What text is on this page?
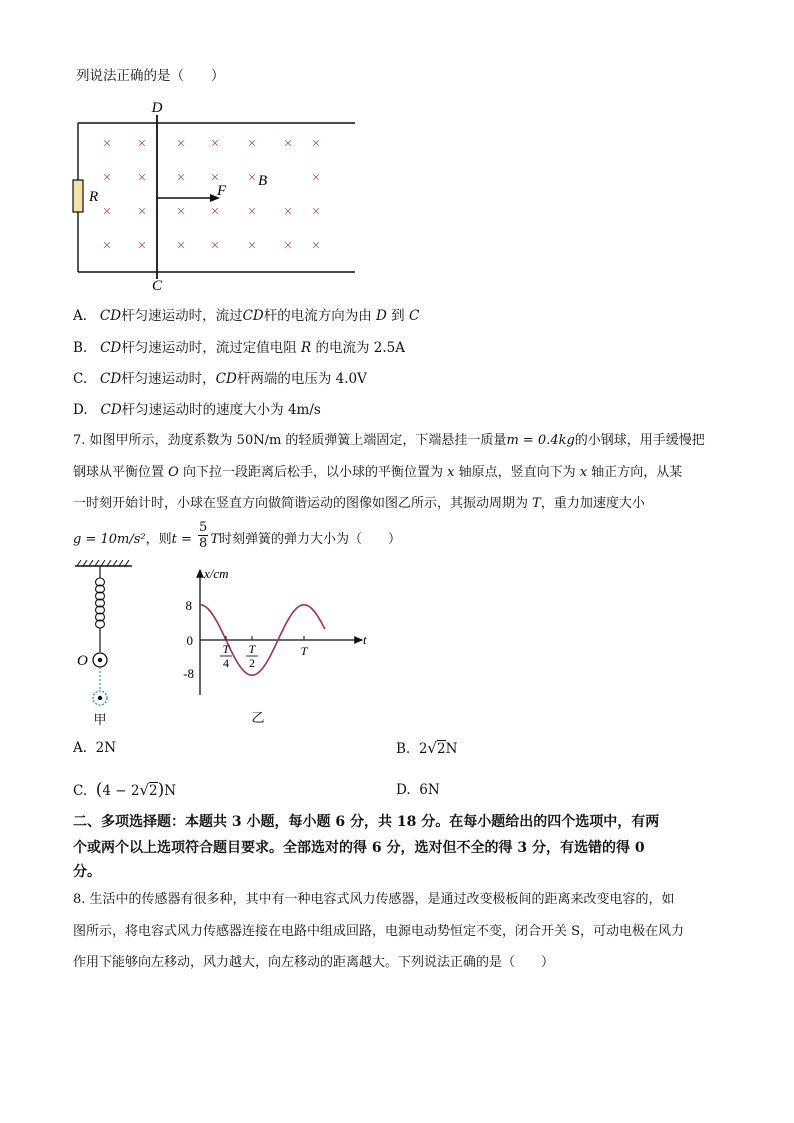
列说法正确的是（　　）
D
C
R	F
B
× × × × × × ×
× × × × ×	×
× × × × × × ×
× × × × × × ×
A. CD杆匀速运动时，流过CD杆的电流方向为由 D 到 C
B. CD杆匀速运动时，流过定值电阻 R 的电流为 2.5A
C. CD杆匀速运动时，CD杆两端的电压为 4.0V
D. CD杆匀速运动时的速度大小为 4m/s
7. 如图甲所示，劲度系数为 50N/m 的轻质弹簧上端固定，下端悬挂一质量m = 0.4kg的小钢球，用手缓慢把
钢球从平衡位置 O 向下拉一段距离后松手，以小球的平衡位置为 x 轴原点，竖直向下为 x 轴正方向，从某
一时刻开始计时，小球在竖直方向做简谐运动的图像如图乙所示，其振动周期为 T，重力加速度大小
g = 10m/s²，则$t = \frac{5}{8}$ T时刻弹簧的弹力大小为（　　）
O
甲
x/cm
t
8
0
-8
T
4
T
2
T
乙
A. 2N	B. 2√2N
C. (4 − 2√2)N	D. 6N
二、多项选择题：本题共 3 小题，每小题 6 分，共 18 分。在每小题给出的四个选项中，有两
个或两个以上选项符合题目要求。全部选对的得 6 分，选对但不全的得 3 分，有选错的得 0
分。
8. 生活中的传感器有很多种，其中有一种电容式风力传感器，是通过改变极板间的距离来改变电容的，如
图所示，将电容式风力传感器连接在电路中组成回路，电源电动势恒定不变，闭合开关 S，可动电极在风力
作用下能够向左移动，风力越大，向左移动的距离越大。下列说法正确的是（　　）
